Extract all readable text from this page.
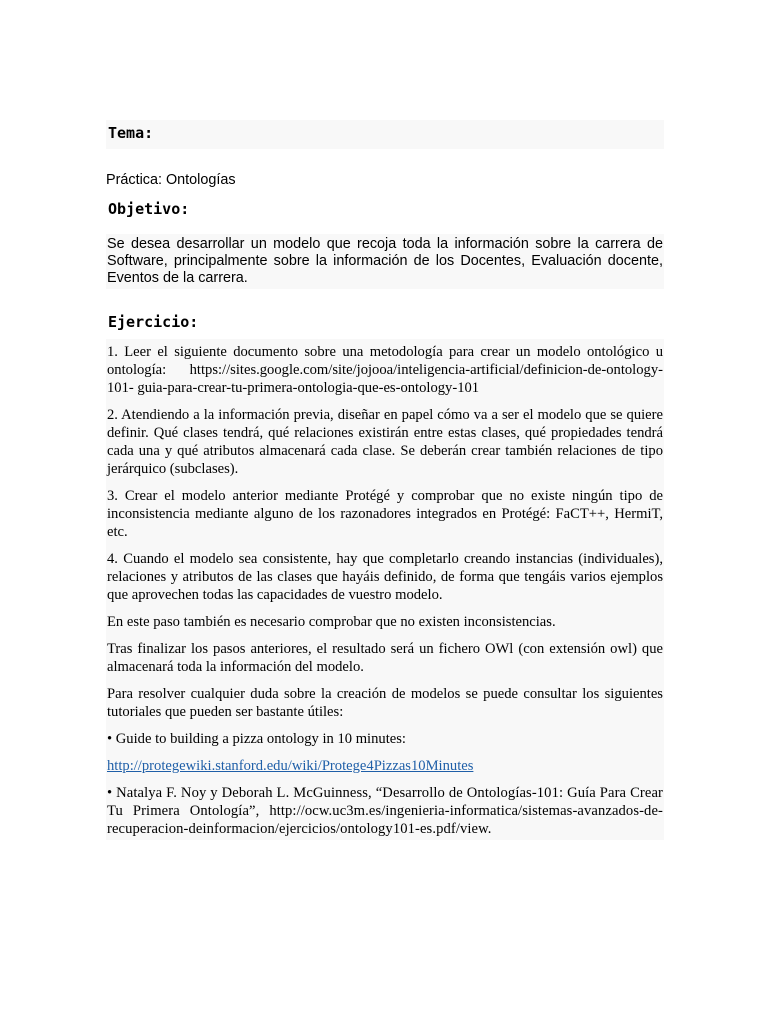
Tema:
Práctica: Ontologías
Objetivo:
Se desea desarrollar un modelo que recoja toda la información sobre la carrera de Software, principalmente sobre la información de los Docentes, Evaluación docente, Eventos de la carrera.
Ejercicio:

1. Leer el siguiente documento sobre una metodología para crear un modelo ontológico u ontología: https://sites.google.com/site/jojooa/inteligencia-artificial/definicion-de-ontology-101- guia-para-crear-tu-primera-ontologia-que-es-ontology-101

2. Atendiendo a la información previa, diseñar en papel cómo va a ser el modelo que se quiere definir. Qué clases tendrá, qué relaciones existirán entre estas clases, qué propiedades tendrá cada una y qué atributos almacenará cada clase. Se deberán crear también relaciones de tipo jerárquico (subclases).

3. Crear el modelo anterior mediante Protégé y comprobar que no existe ningún tipo de inconsistencia mediante alguno de los razonadores integrados en Protégé: FaCT++, HermiT, etc.

4. Cuando el modelo sea consistente, hay que completarlo creando instancias (individuales), relaciones y atributos de las clases que hayáis definido, de forma que tengáis varios ejemplos que aprovechen todas las capacidades de vuestro modelo.

En este paso también es necesario comprobar que no existen inconsistencias.

Tras finalizar los pasos anteriores, el resultado será un fichero OWl (con extensión owl) que almacenará toda la información del modelo.

Para resolver cualquier duda sobre la creación de modelos se puede consultar los siguientes tutoriales que pueden ser bastante útiles:

• Guide to building a pizza ontology in 10 minutes:

http://protegewiki.stanford.edu/wiki/Protege4Pizzas10Minutes

• Natalya F. Noy y Deborah L. McGuinness, “Desarrollo de Ontologías-101: Guía Para Crear Tu Primera Ontología”, http://ocw.uc3m.es/ingenieria-informatica/sistemas-avanzados-de-recuperacion-deinformacion/ejercicios/ontology101-es.pdf/view.
